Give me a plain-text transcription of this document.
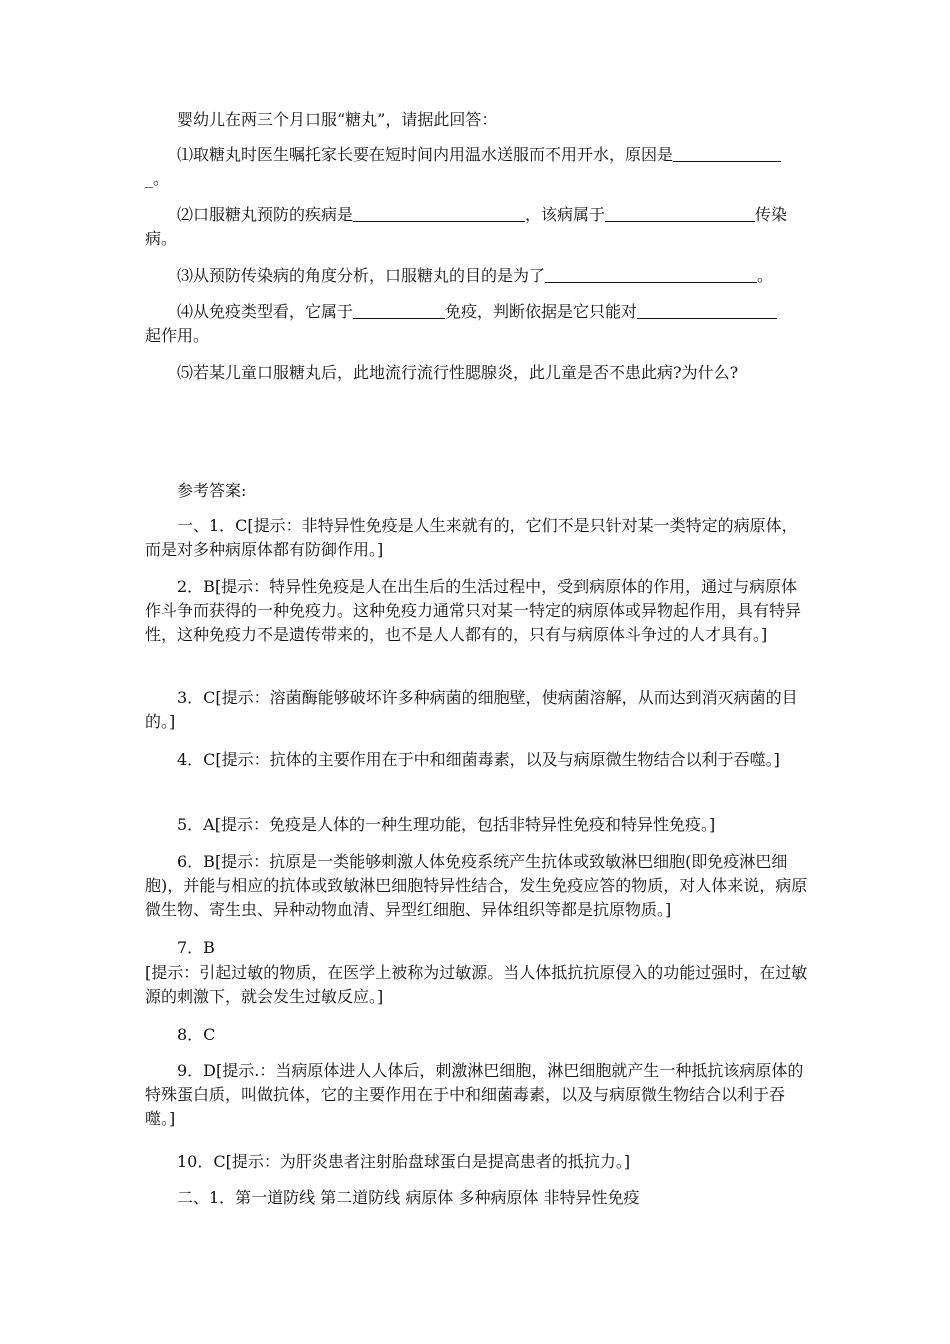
婴幼儿在两三个月口服“糖丸”，请据此回答：

⑴取糖丸时医生嘱托家长要在短时间内用温水送服而不用开水，原因是
_。

⑵口服糖丸预防的疾病是	，该病属于	传染
病。

⑶从预防传染病的角度分析，口服糖丸的目的是为了	。

⑷从免疫类型看，它属于	免疫，判断依据是它只能对
起作用。

⑸若某儿童口服糖丸后，此地流行流行性腮腺炎，此儿童是否不患此病?为什么?

参考答案:

一、1．C[提示：非特异性免疫是人生来就有的，它们不是只针对某一类特定的病原体，而是对多种病原体都有防御作用。]

2．B[提示：特异性免疫是人在出生后的生活过程中，受到病原体的作用，通过与病原体作斗争而获得的一种免疫力。这种免疫力通常只对某一特定的病原体或异物起作用，具有特异性，这种免疫力不是遗传带来的，也不是人人都有的，只有与病原体斗争过的人才具有。]

3．C[提示：溶菌酶能够破坏许多种病菌的细胞壁，使病菌溶解，从而达到消灭病菌的目的。]

4．C[提示：抗体的主要作用在于中和细菌毒素，以及与病原微生物结合以利于吞噬。]

5．A[提示：免疫是人体的一种生理功能，包括非特异性免疫和特异性免疫。]

6．B[提示：抗原是一类能够刺激人体免疫系统产生抗体或致敏淋巴细胞(即免疫淋巴细胞)，并能与相应的抗体或致敏淋巴细胞特异性结合，发生免疫应答的物质，对人体来说，病原微生物、寄生虫、异种动物血清、异型红细胞、异体组织等都是抗原物质。]

7．B

[提示：引起过敏的物质，在医学上被称为过敏源。当人体抵抗抗原侵入的功能过强时，在过敏源的刺激下，就会发生过敏反应。]

8．C

9．D[提示.：当病原体进人人体后，刺激淋巴细胞，淋巴细胞就产生一种抵抗该病原体的特殊蛋白质，叫做抗体，它的主要作用在于中和细菌毒素，以及与病原微生物结合以利于吞噬。]

10．C[提示：为肝炎患者注射胎盘球蛋白是提高患者的抵抗力。]

二、1．第一道防线 第二道防线 病原体 多种病原体 非特异性免疫
